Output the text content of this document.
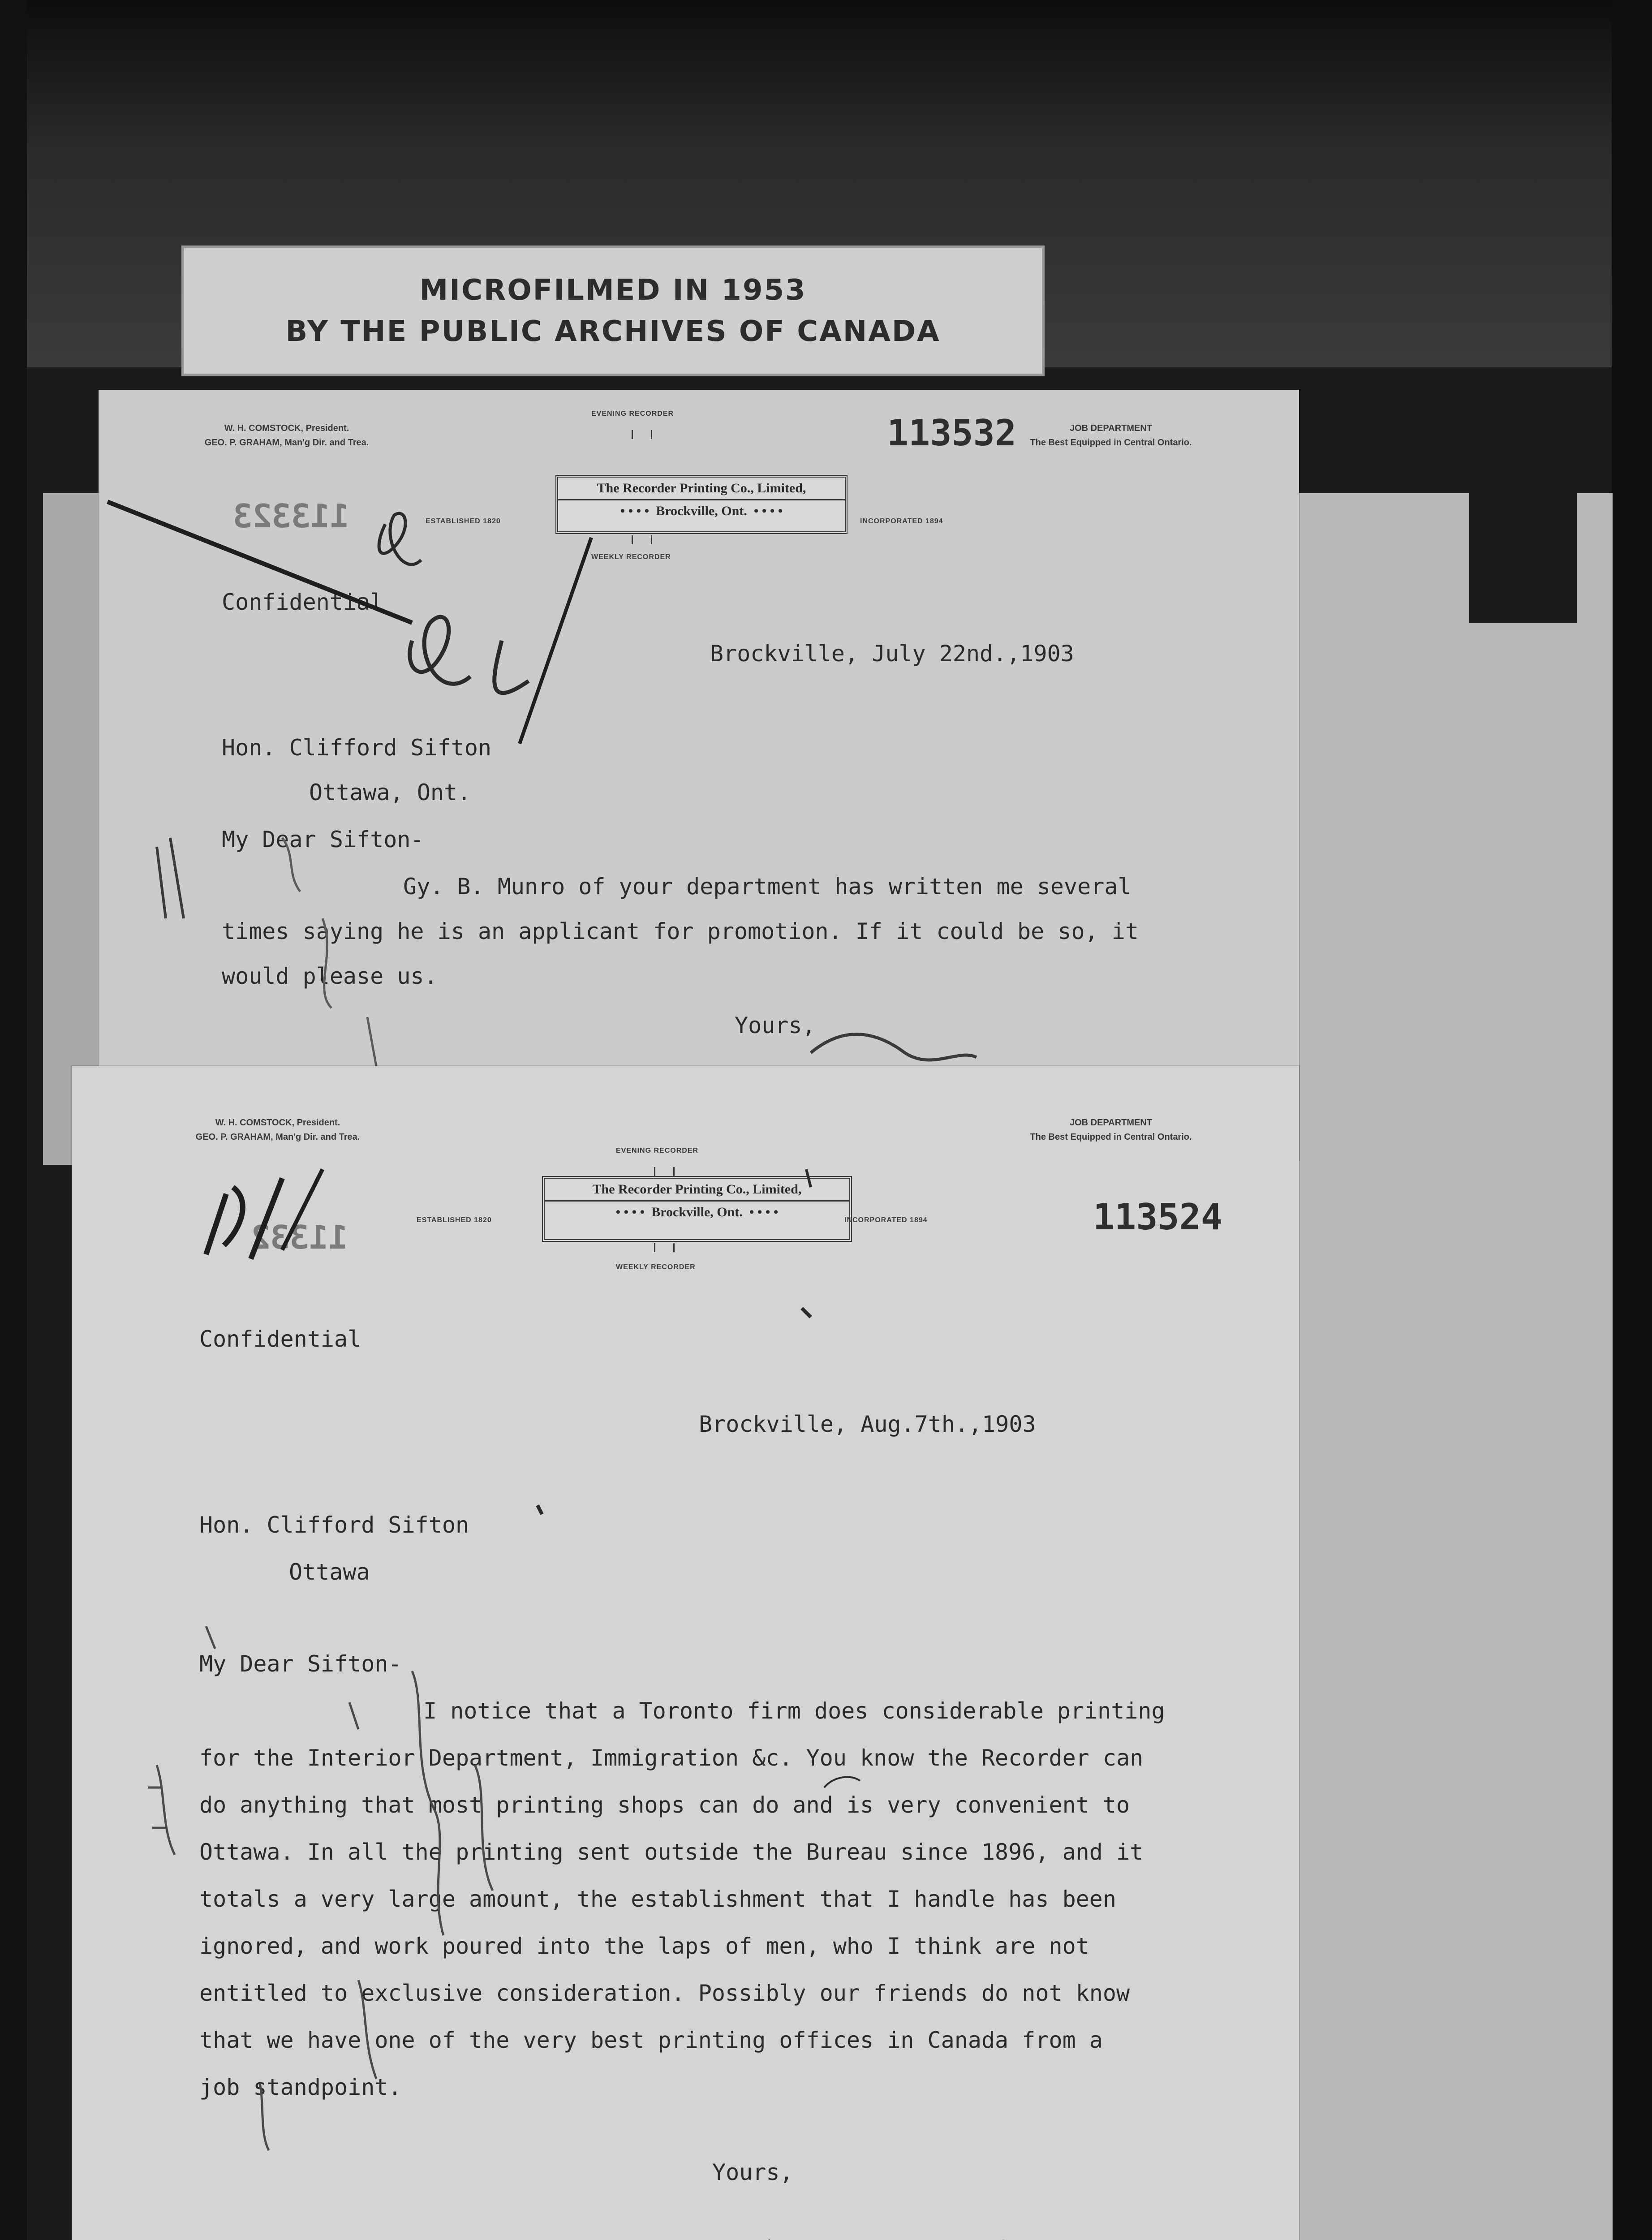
MICROFILMED IN 1953
BY THE PUBLIC ARCHIVES OF CANADA
W. H. COMSTOCK, President.
GEO. P. GRAHAM, Man'g Dir. and Trea.
EVENING RECORDER
The Recorder Printing Co., Limited,
• • • •  Brockville, Ont.  • • • •
ESTABLISHED 1820	INCORPORATED 1894
WEEKLY RECORDER
JOB DEPARTMENT
The Best Equipped in Central Ontario.
113532
113323
Confidential
Brockville, July 22nd.,1903
Hon. Clifford Sifton
Ottawa, Ont.
My Dear Sifton-
Gy. B. Munro of your department has written me several
times saying he is an applicant for promotion. If it could be so, it
would please us.
Yours,
W. H. COMSTOCK, President.
GEO. P. GRAHAM, Man'g Dir. and Trea.
EVENING RECORDER
The Recorder Printing Co., Limited,
• • • •  Brockville, Ont.  • • • •
ESTABLISHED 1820	INCORPORATED 1894
WEEKLY RECORDER
JOB DEPARTMENT
The Best Equipped in Central Ontario.
113524
11332
Confidential
Brockville, Aug.7th.,1903
Hon. Clifford Sifton
Ottawa
My Dear Sifton-
I notice that a Toronto firm does considerable printing
for the Interior Department, Immigration &c. You know the Recorder can
do anything that most printing shops can do and is very convenient to
Ottawa. In all the printing sent outside the Bureau since 1896, and it
totals a very large amount, the establishment that I handle has been
ignored, and work poured into the laps of men, who I think are not
entitled to exclusive consideration. Possibly our friends do not know
that we have one of the very best printing offices in Canada from a
job standpoint.
Yours,
